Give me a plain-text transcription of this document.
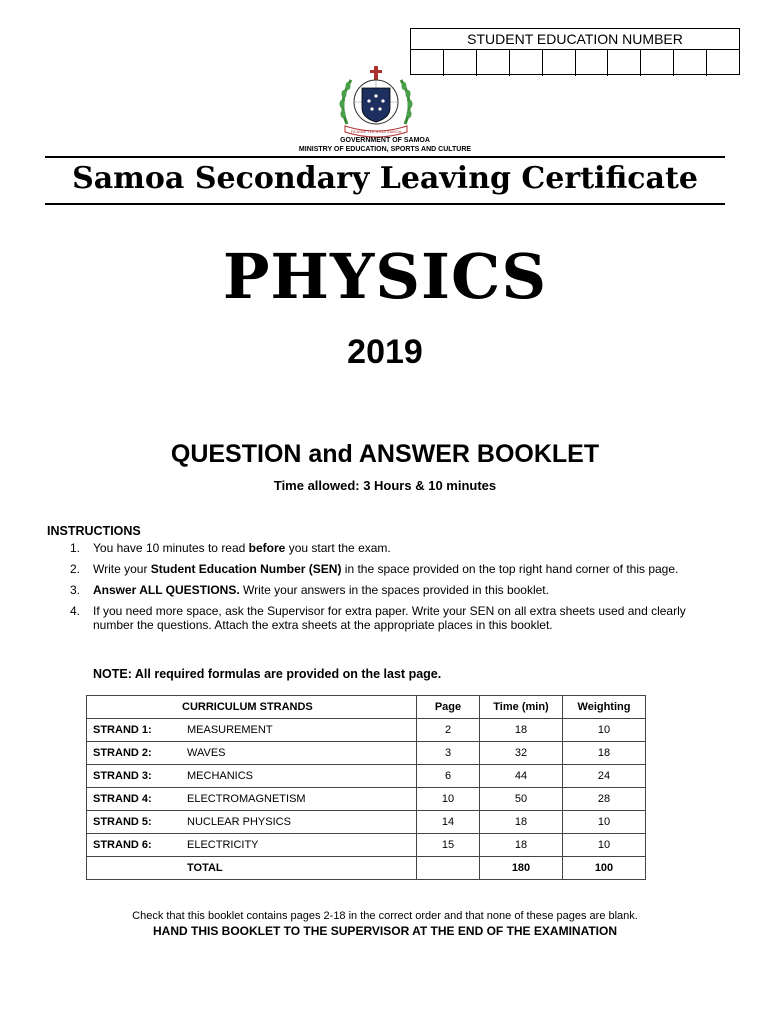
STUDENT EDUCATION NUMBER
FA'AVAE I LE ATUA SAMOA
GOVERNMENT OF SAMOA
MINISTRY OF EDUCATION, SPORTS AND CULTURE
Samoa Secondary Leaving Certificate
PHYSICS
2019
QUESTION and ANSWER BOOKLET
Time allowed: 3 Hours & 10 minutes
INSTRUCTIONS
1. You have 10 minutes to read before you start the exam.
2. Write your Student Education Number (SEN) in the space provided on the top right hand corner of this page.
3. Answer ALL QUESTIONS. Write your answers in the spaces provided in this booklet.
4. If you need more space, ask the Supervisor for extra paper. Write your SEN on all extra sheets used and clearly number the questions. Attach the extra sheets at the appropriate places in this booklet.
NOTE: All required formulas are provided on the last page.
CURRICULUM STRANDS		Page	Time (min)	Weighting
STRAND 1:	MEASUREMENT	2	18	10
STRAND 2:	WAVES	3	32	18
STRAND 3:	MECHANICS	6	44	24
STRAND 4:	ELECTROMAGNETISM	10	50	28
STRAND 5:	NUCLEAR PHYSICS	14	18	10
STRAND 6:	ELECTRICITY	15	18	10
	TOTAL		180	100
Check that this booklet contains pages 2-18 in the correct order and that none of these pages are blank.
HAND THIS BOOKLET TO THE SUPERVISOR AT THE END OF THE EXAMINATION
